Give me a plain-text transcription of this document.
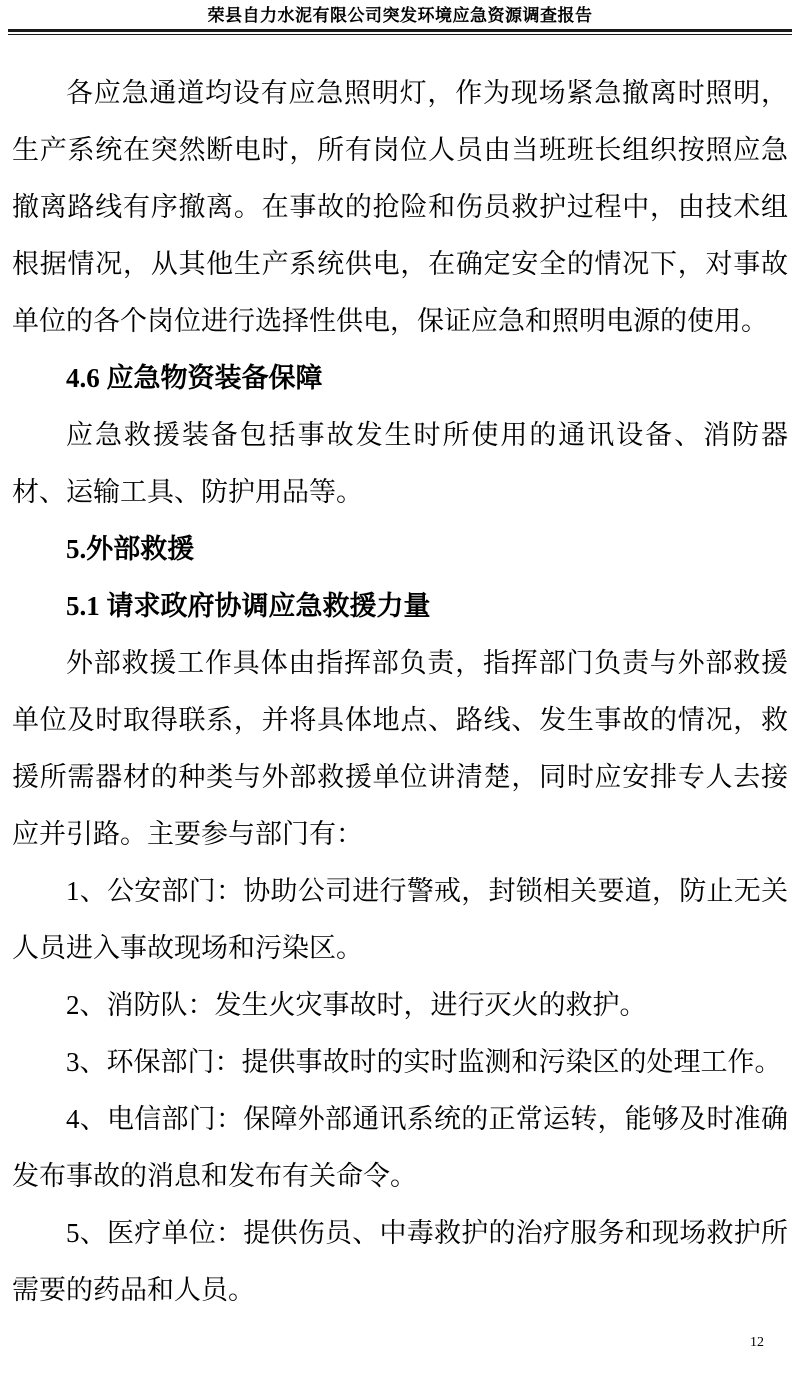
荣县自力水泥有限公司突发环境应急资源调查报告
各应急通道均设有应急照明灯，作为现场紧急撤离时照明，生产系统在突然断电时，所有岗位人员由当班班长组织按照应急撤离路线有序撤离。在事故的抢险和伤员救护过程中，由技术组根据情况，从其他生产系统供电，在确定安全的情况下，对事故单位的各个岗位进行选择性供电，保证应急和照明电源的使用。
4.6 应急物资装备保障
应急救援装备包括事故发生时所使用的通讯设备、消防器材、运输工具、防护用品等。
5.外部救援
5.1 请求政府协调应急救援力量
外部救援工作具体由指挥部负责，指挥部门负责与外部救援单位及时取得联系，并将具体地点、路线、发生事故的情况，救援所需器材的种类与外部救援单位讲清楚，同时应安排专人去接应并引路。主要参与部门有：
1、公安部门：协助公司进行警戒，封锁相关要道，防止无关人员进入事故现场和污染区。
2、消防队：发生火灾事故时，进行灭火的救护。
3、环保部门：提供事故时的实时监测和污染区的处理工作。
4、电信部门：保障外部通讯系统的正常运转，能够及时准确发布事故的消息和发布有关命令。
5、医疗单位：提供伤员、中毒救护的治疗服务和现场救护所需要的药品和人员。
12
